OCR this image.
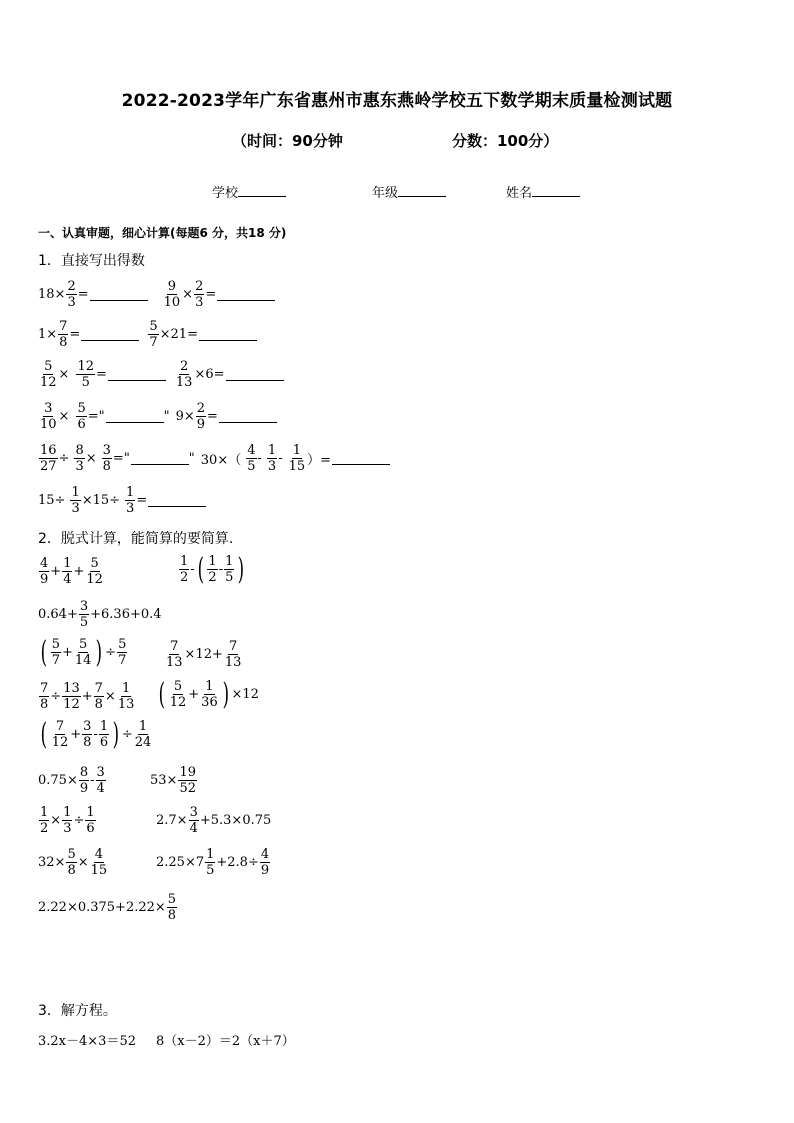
2022-2023学年广东省惠州市惠东燕岭学校五下数学期末质量检测试题
（时间：90分钟	分数：100分）
学校	年级	姓名
一、认真审题，细心计算(每题6 分，共18 分)
1．直接写出得数
$18\times \frac{2}{3}$ =	$\frac{9}{10} \times \frac{2}{3}$ =
$1\times \frac{7}{8}$ =	$\frac{5}{7} \times 21=$
$\frac{5}{12} \times \frac{12}{5}$ =	$\frac{2}{13} \times 6=$
$\frac{3}{10} \times \frac{5}{6}$ ="	" $9\times \frac{2}{9}$ =
$\frac{16}{27} \div \frac{8}{3} \times \frac{3}{8}$ ="	" $30\times( \frac{4}{5} - \frac{1}{3} - \frac{1}{15}$ ）=
$15\div \frac{1}{3} \times 15\div \frac{1}{3}$ =
2．脱式计算，能简算的要简算.
$\frac{4}{9} + \frac{1}{4} + \frac{5}{12}$	$\frac{1}{2}$ - ( $\frac{1}{2} - \frac{1}{5}$ )
$0.64+ \frac{3}{5} +6.36+0.4$
( $\frac{5}{7} + \frac{5}{14}$ ) ÷ $\frac{5}{7}$	$\frac{7}{13} \times 12+ \frac{7}{13}$
$\frac{7}{8} \div \frac{13}{12} + \frac{7}{8} \times \frac{1}{13}$ ( $\frac{5}{12} + \frac{1}{36}$ ) ×12
( $\frac{7}{12} + \frac{3}{8} - \frac{1}{6}$ ) ÷ $\frac{1}{24}$
$0.75\times \frac{8}{9} - \frac{3}{4}$	$53\times \frac{19}{52}$
$\frac{1}{2} \times \frac{1}{3} \div \frac{1}{6}$	$2.7\times \frac{3}{4} +5.3\times 0.75$
$32\times \frac{5}{8} \times \frac{4}{15}$	$2.25\times 7 \frac{1}{5} +2.8\div \frac{4}{9}$
$2.22\times 0.375+2.22\times \frac{5}{8}$
3．解方程。
3.2x－4×3＝52 8（x－2）＝2（x＋7）
